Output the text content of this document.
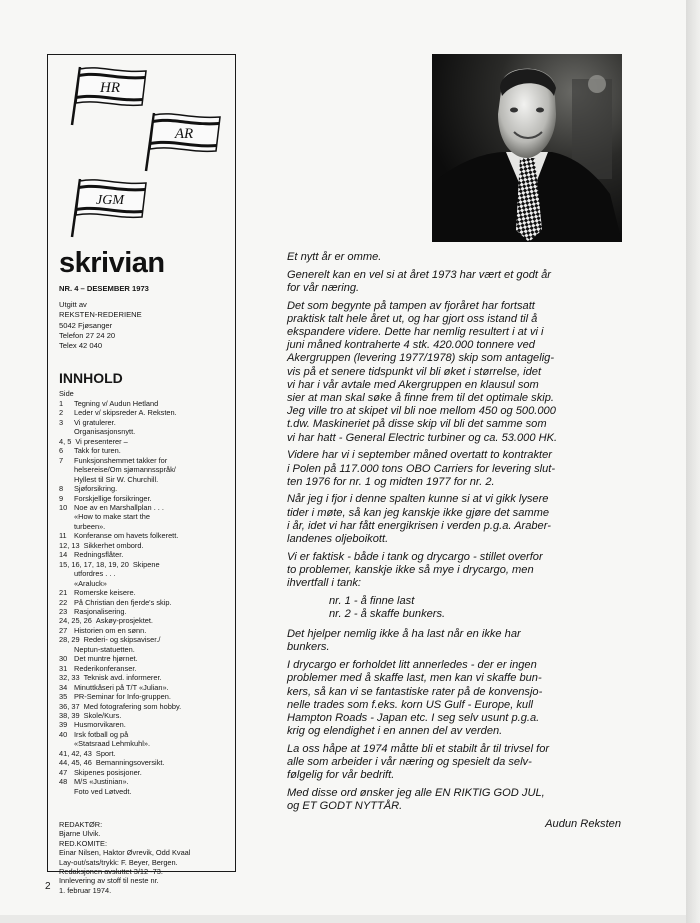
HR
AR
JGM
skrivian
NR. 4 – DESEMBER 1973
Utgitt av
REKSTEN-REDERIENE
5042 Fjøsanger
Telefon 27 24 20
Telex 42 040
INNHOLD
Side
1	Tegning v/ Audun Hetland
2	Leder v/ skipsreder A. Reksten.
3	Vi gratulerer.
Organisasjonsnytt.
4, 5 Vi presenterer –
6	Takk for turen.
7	Funksjonshemmet takker for
helsereise/Om sjømannsspråk/
Hyllest til Sir W. Churchill.
8	Sjøforsikring.
9	Forskjellige forsikringer.
10 Noe av en Marshallplan . . .
«How to make start the
turbeen».
11 Konferanse om havets folkerett.
12, 13 Sikkerhet ombord.
14 Redningsflåter.
15, 16, 17, 18, 19, 20 Skipene
utfordres . . .
«Araluck»
21 Romerske keisere.
22 På Christian den fjerde's skip.
23 Rasjonalisering.
24, 25, 26 Askøy-prosjektet.
27 Historien om en sønn.
28, 29 Rederi- og skipsaviser./
Neptun-statuetten.
30 Det muntre hjørnet.
31 Rederikonferanser.
32, 33 Teknisk avd. informerer.
34 Minuttkåseri på T/T «Julian».
35 PR-Seminar for Info-gruppen.
36, 37 Med fotografering som hobby.
38, 39 Skole/Kurs.
39 Husmorvikaren.
40 Irsk fotball og på
«Statsraad Lehmkuhl».
41, 42, 43 Sport.
44, 45, 46 Bemanningsoversikt.
47 Skipenes posisjoner.
48 M/S «Justinian».
Foto ved Løtvedt.
REDAKTØR:
Bjarne Ulvik.
RED.KOMITE:
Einar Nilsen, Haktor Øvrevik, Odd Kvaal
Lay-out/sats/trykk: F. Beyer, Bergen.
Redaksjonen avsluttet 3/12 -73.
Innlevering av stoff til neste nr.
1. februar 1974.

Et nytt år er omme.

Generelt kan en vel si at året 1973 har vært et godt år
for vår næring.

Det som begynte på tampen av fjoråret har fortsatt
praktisk talt hele året ut, og har gjort oss istand til å
ekspandere videre. Dette har nemlig resultert i at vi i
juni måned kontraherte 4 stk. 420.000 tonnere ved
Akergruppen (levering 1977/1978) skip som antagelig-
vis på et senere tidspunkt vil bli øket i størrelse, idet
vi har i vår avtale med Akergruppen en klausul som
sier at man skal søke å finne frem til det optimale skip.
Jeg ville tro at skipet vil bli noe mellom 450 og 500.000
t.dw. Maskineriet på disse skip vil bli det samme som
vi har hatt - General Electric turbiner og ca. 53.000 HK.

Videre har vi i september måned overtatt to kontrakter
i Polen på 117.000 tons OBO Carriers for levering slut-
ten 1976 for nr. 1 og midten 1977 for nr. 2.

Når jeg i fjor i denne spalten kunne si at vi gikk lysere
tider i møte, så kan jeg kanskje ikke gjøre det samme
i år, idet vi har fått energikrisen i verden p.g.a. Araber-
landenes oljeboikott.

Vi er faktisk - både i tank og drycargo - stillet overfor
to problemer, kanskje ikke så mye i drycargo, men
ihvertfall i tank:

nr. 1 - å finne last
nr. 2 - å skaffe bunkers.

Det hjelper nemlig ikke å ha last når en ikke har
bunkers.

I drycargo er forholdet litt annerledes - der er ingen
problemer med å skaffe last, men kan vi skaffe bun-
kers, så kan vi se fantastiske rater på de konvensjo-
nelle trades som f.eks. korn US Gulf - Europe, kull
Hampton Roads - Japan etc. I seg selv usunt p.g.a.
krig og elendighet i en annen del av verden.

La oss håpe at 1974 måtte bli et stabilt år til trivsel for
alle som arbeider i vår næring og spesielt da selv-
følgelig for vår bedrift.

Med disse ord ønsker jeg alle EN RIKTIG GOD JUL,
og ET GODT NYTTÅR.

Audun Reksten
2
